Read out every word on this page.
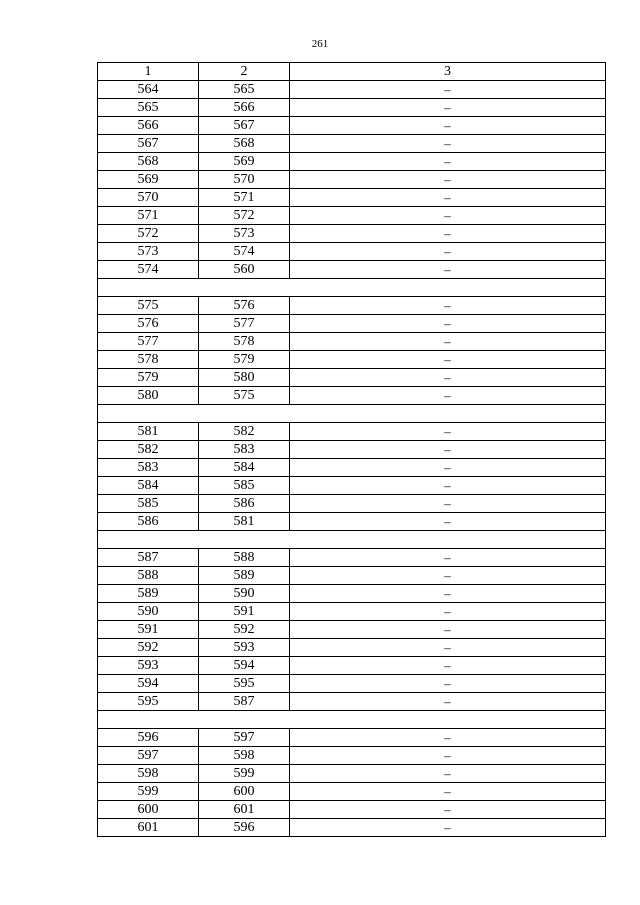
261
1	2	3
564	565	–
565	566	–
566	567	–
567	568	–
568	569	–
569	570	–
570	571	–
571	572	–
572	573	–
573	574	–
574	560	–

575	576	–
576	577	–
577	578	–
578	579	–
579	580	–
580	575	–

581	582	–
582	583	–
583	584	–
584	585	–
585	586	–
586	581	–

587	588	–
588	589	–
589	590	–
590	591	–
591	592	–
592	593	–
593	594	–
594	595	–
595	587	–

596	597	–
597	598	–
598	599	–
599	600	–
600	601	–
601	596	–
